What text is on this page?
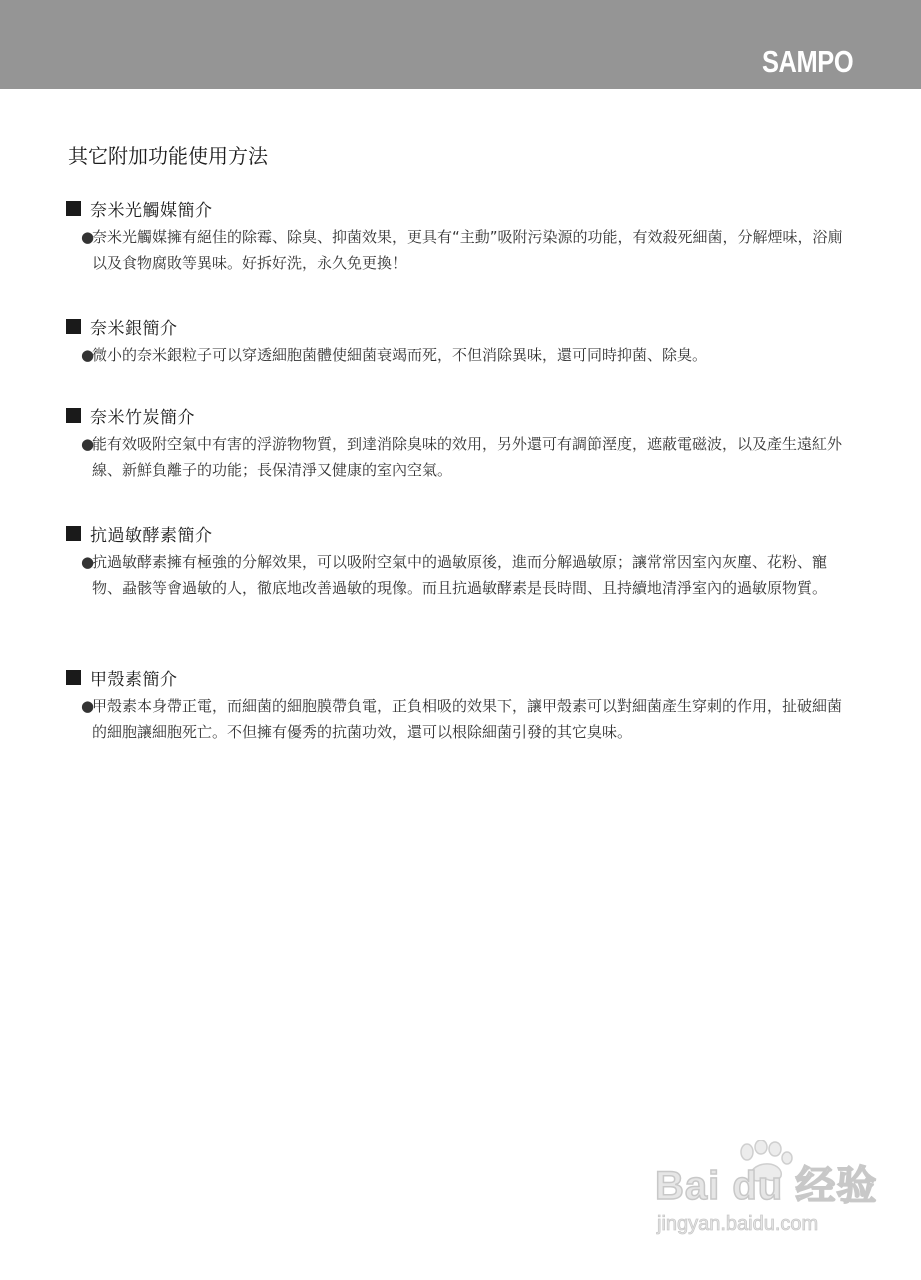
SAMPO
其它附加功能使用方法
奈米光觸媒簡介
●
奈米光觸媒擁有絕佳的除霉、除臭、抑菌效果，更具有“主動”吸附污染源的功能，有效殺死細菌，分解煙味，浴廁以及食物腐敗等異味。好拆好洗，永久免更換！
奈米銀簡介
●
微小的奈米銀粒子可以穿透細胞菌體使細菌衰竭而死，不但消除異味，還可同時抑菌、除臭。
奈米竹炭簡介
●
能有效吸附空氣中有害的浮游物物質，到達消除臭味的效用，另外還可有調節溼度，遮蔽電磁波，以及產生遠紅外線、新鮮負離子的功能；長保清淨又健康的室內空氣。
抗過敏酵素簡介
●
抗過敏酵素擁有極強的分解效果，可以吸附空氣中的過敏原後，進而分解過敏原；讓常常因室內灰塵、花粉、寵物、蝨骸等會過敏的人，徹底地改善過敏的現像。而且抗過敏酵素是長時間、且持續地清淨室內的過敏原物質。
甲殼素簡介
●
甲殼素本身帶正電，而細菌的細胞膜帶負電，正負相吸的效果下，讓甲殼素可以對細菌產生穿刺的作用，扯破細菌的細胞讓細胞死亡。不但擁有優秀的抗菌功效，還可以根除細菌引發的其它臭味。
Bai du 经验
jingyan.baidu.com
